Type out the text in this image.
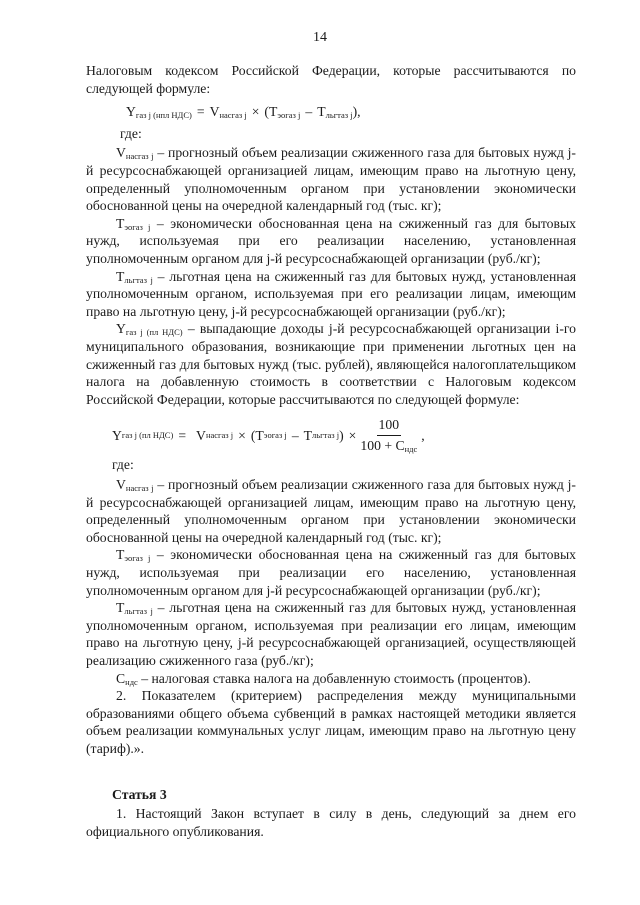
14

Налоговым кодексом Российской Федерации, которые рассчитываются по следующей формуле:

$Y_{газ j (нпл НДС)} = V_{насгаз j} \times (T_{эогаз j} - T_{льгтаз j})$,
где:

$V_{насгаз j}$ – прогнозный объем реализации сжиженного газа для бытовых нужд j-й ресурсоснабжающей организацией лицам, имеющим право на льготную цену, определенный уполномоченным органом при установлении экономически обоснованной цены на очередной календарный год (тыс. кг);

$T_{эогаз j}$ – экономически обоснованная цена на сжиженный газ для бытовых нужд, используемая при его реализации населению, установленная уполномоченным органом для j-й ресурсоснабжающей организации (руб./кг);

$T_{льгтаз j}$ – льготная цена на сжиженный газ для бытовых нужд, установленная уполномоченным органом, используемая при его реализации лицам, имеющим право на льготную цену, j-й ресурсоснабжающей организации (руб./кг);

$Y_{газ j (пл НДС)}$ – выпадающие доходы j-й ресурсоснабжающей организации i-го муниципального образования, возникающие при применении льготных цен на сжиженный газ для бытовых нужд (тыс. рублей), являющейся налогоплательщиком налога на добавленную стоимость в соответствии с Налоговым кодексом Российской Федерации, которые рассчитываются по следующей формуле:

Y газ j (пл НДС) = V насгаз j × (T эогаз j – T льгтаз j ) × $\frac{100}{100 + C_{ндс}}$ ,
где:

$V_{насгаз j}$ – прогнозный объем реализации сжиженного газа для бытовых нужд j-й ресурсоснабжающей организацией лицам, имеющим право на льготную цену, определенный уполномоченным органом при установлении экономически обоснованной цены на очередной календарный год (тыс. кг);

$T_{эогаз j}$ – экономически обоснованная цена на сжиженный газ для бытовых нужд, используемая при реализации его населению, установленная уполномоченным органом для j-й ресурсоснабжающей организации (руб./кг);

$T_{льгтаз j}$ – льготная цена на сжиженный газ для бытовых нужд, установленная уполномоченным органом, используемая при реализации его лицам, имеющим право на льготную цену, j-й ресурсоснабжающей организацией, осуществляющей реализацию сжиженного газа (руб./кг);

$C_{ндс}$ – налоговая ставка налога на добавленную стоимость (процентов).

2. Показателем (критерием) распределения между муниципальными образованиями общего объема субвенций в рамках настоящей методики является объем реализации коммунальных услуг лицам, имеющим право на льготную цену (тариф).».

Статья 3

1. Настоящий Закон вступает в силу в день, следующий за днем его официального опубликования.
